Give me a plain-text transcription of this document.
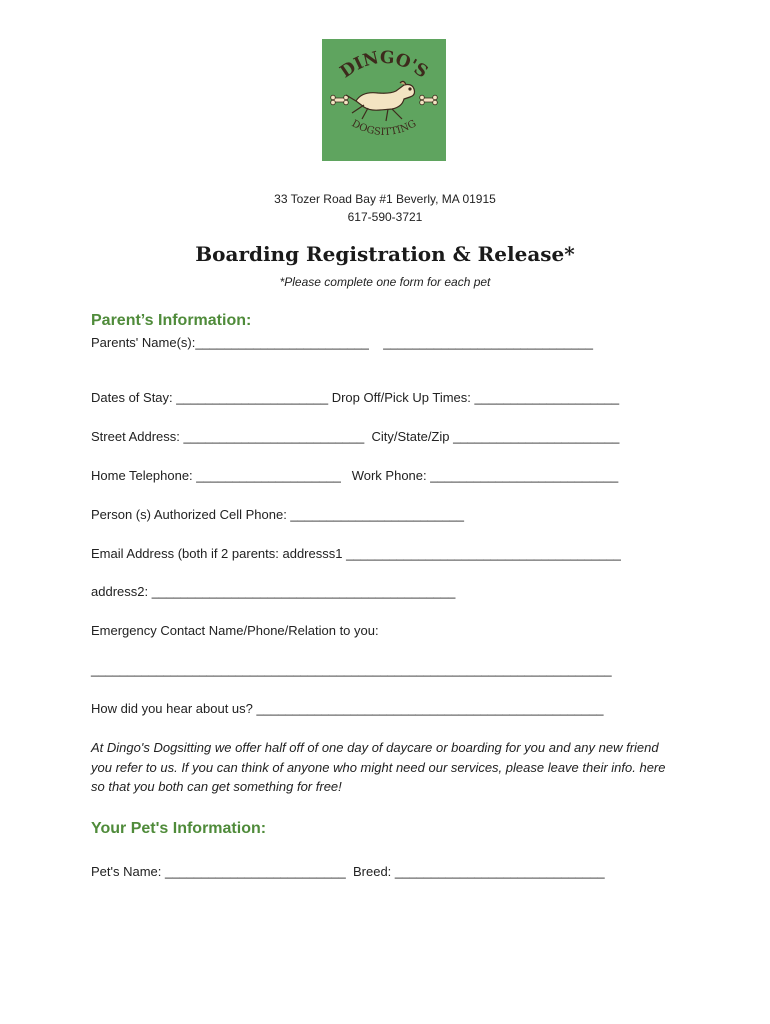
DINGO'S
DOGSITTING
33 Tozer Road Bay #1 Beverly, MA 01915
617-590-3721
Boarding Registration & Release*
*Please complete one form for each pet
Parent’s Information:
Parents' Name(s):________________________    _____________________________
Dates of Stay: _____________________ Drop Off/Pick Up Times: ____________________
Street Address: _________________________  City/State/Zip _______________________
Home Telephone: ____________________   Work Phone: __________________________
Person (s) Authorized Cell Phone: ________________________
Email Address (both if 2 parents: addresss1 ______________________________________
address2: __________________________________________
Emergency Contact Name/Phone/Relation to you:
________________________________________________________________________
How did you hear about us? ________________________________________________
At Dingo's Dogsitting we offer half off of one day of daycare or boarding for you and any new friend you refer to us. If you can think of anyone who might need our services, please leave their info. here so that you both can get something for free!
Your Pet's Information:
Pet's Name: _________________________  Breed: _____________________________
